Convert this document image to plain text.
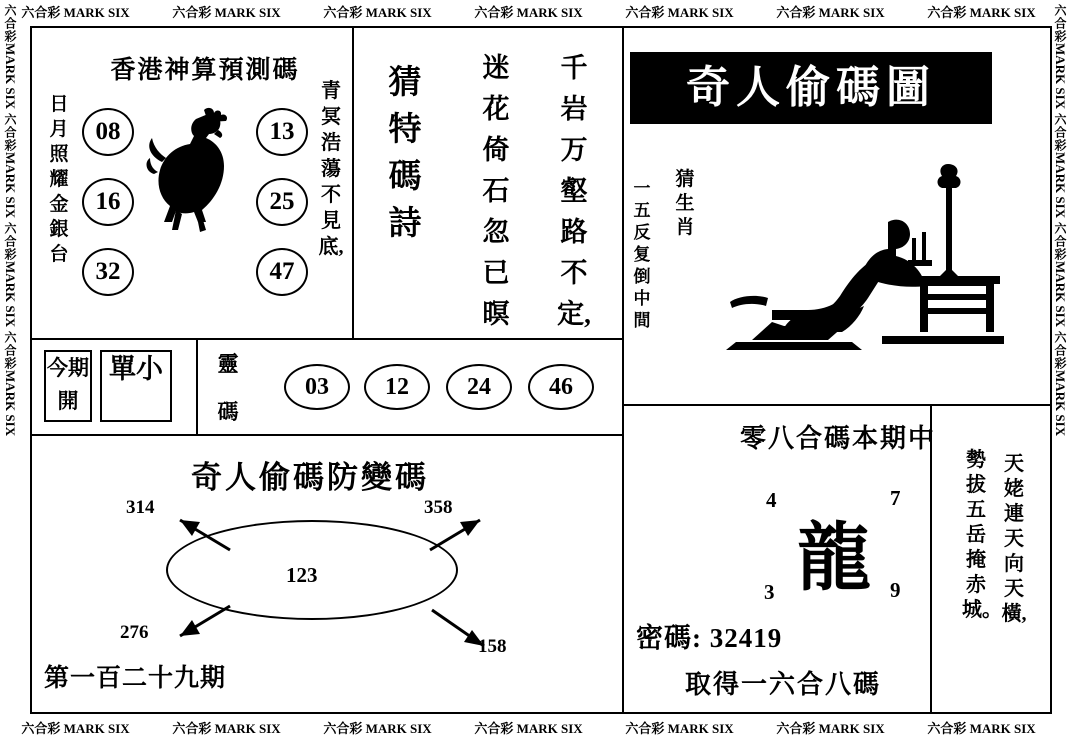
六合彩 MARK SIX	六合彩 MARK SIX	六合彩 MARK SIX	六合彩 MARK SIX	六合彩 MARK SIX	六合彩 MARK SIX	六合彩 MARK SIX
六合彩 MARK SIX	六合彩 MARK SIX	六合彩 MARK SIX	六合彩 MARK SIX	六合彩 MARK SIX	六合彩 MARK SIX	六合彩 MARK SIX
六合彩
MARK SIX
六合彩
MARK SIX
六合彩
MARK SIX
六合彩
MARK SIX
六合彩
MARK SIX
六合彩
MARK SIX
六合彩
MARK SIX
六合彩
MARK SIX
香港神算預測碼
日月照耀金銀台
08
16
32
13
25
47
青冥浩蕩不見底,
猜特碼詩
迷花倚石忽已暝
千岩万壑路不定,
今期開
單小	靈碼
03	12	24	46
奇人偷碼防變碼
314	358
123
276
158
第一百二十九期
奇人偷碼圖
猜生肖
一五反复倒中間
零八合碼本期中
龍
4	7
3	9
密碼: 32419
取得一六合八碼
勢拔五岳掩赤城。
天姥連天向天橫,
